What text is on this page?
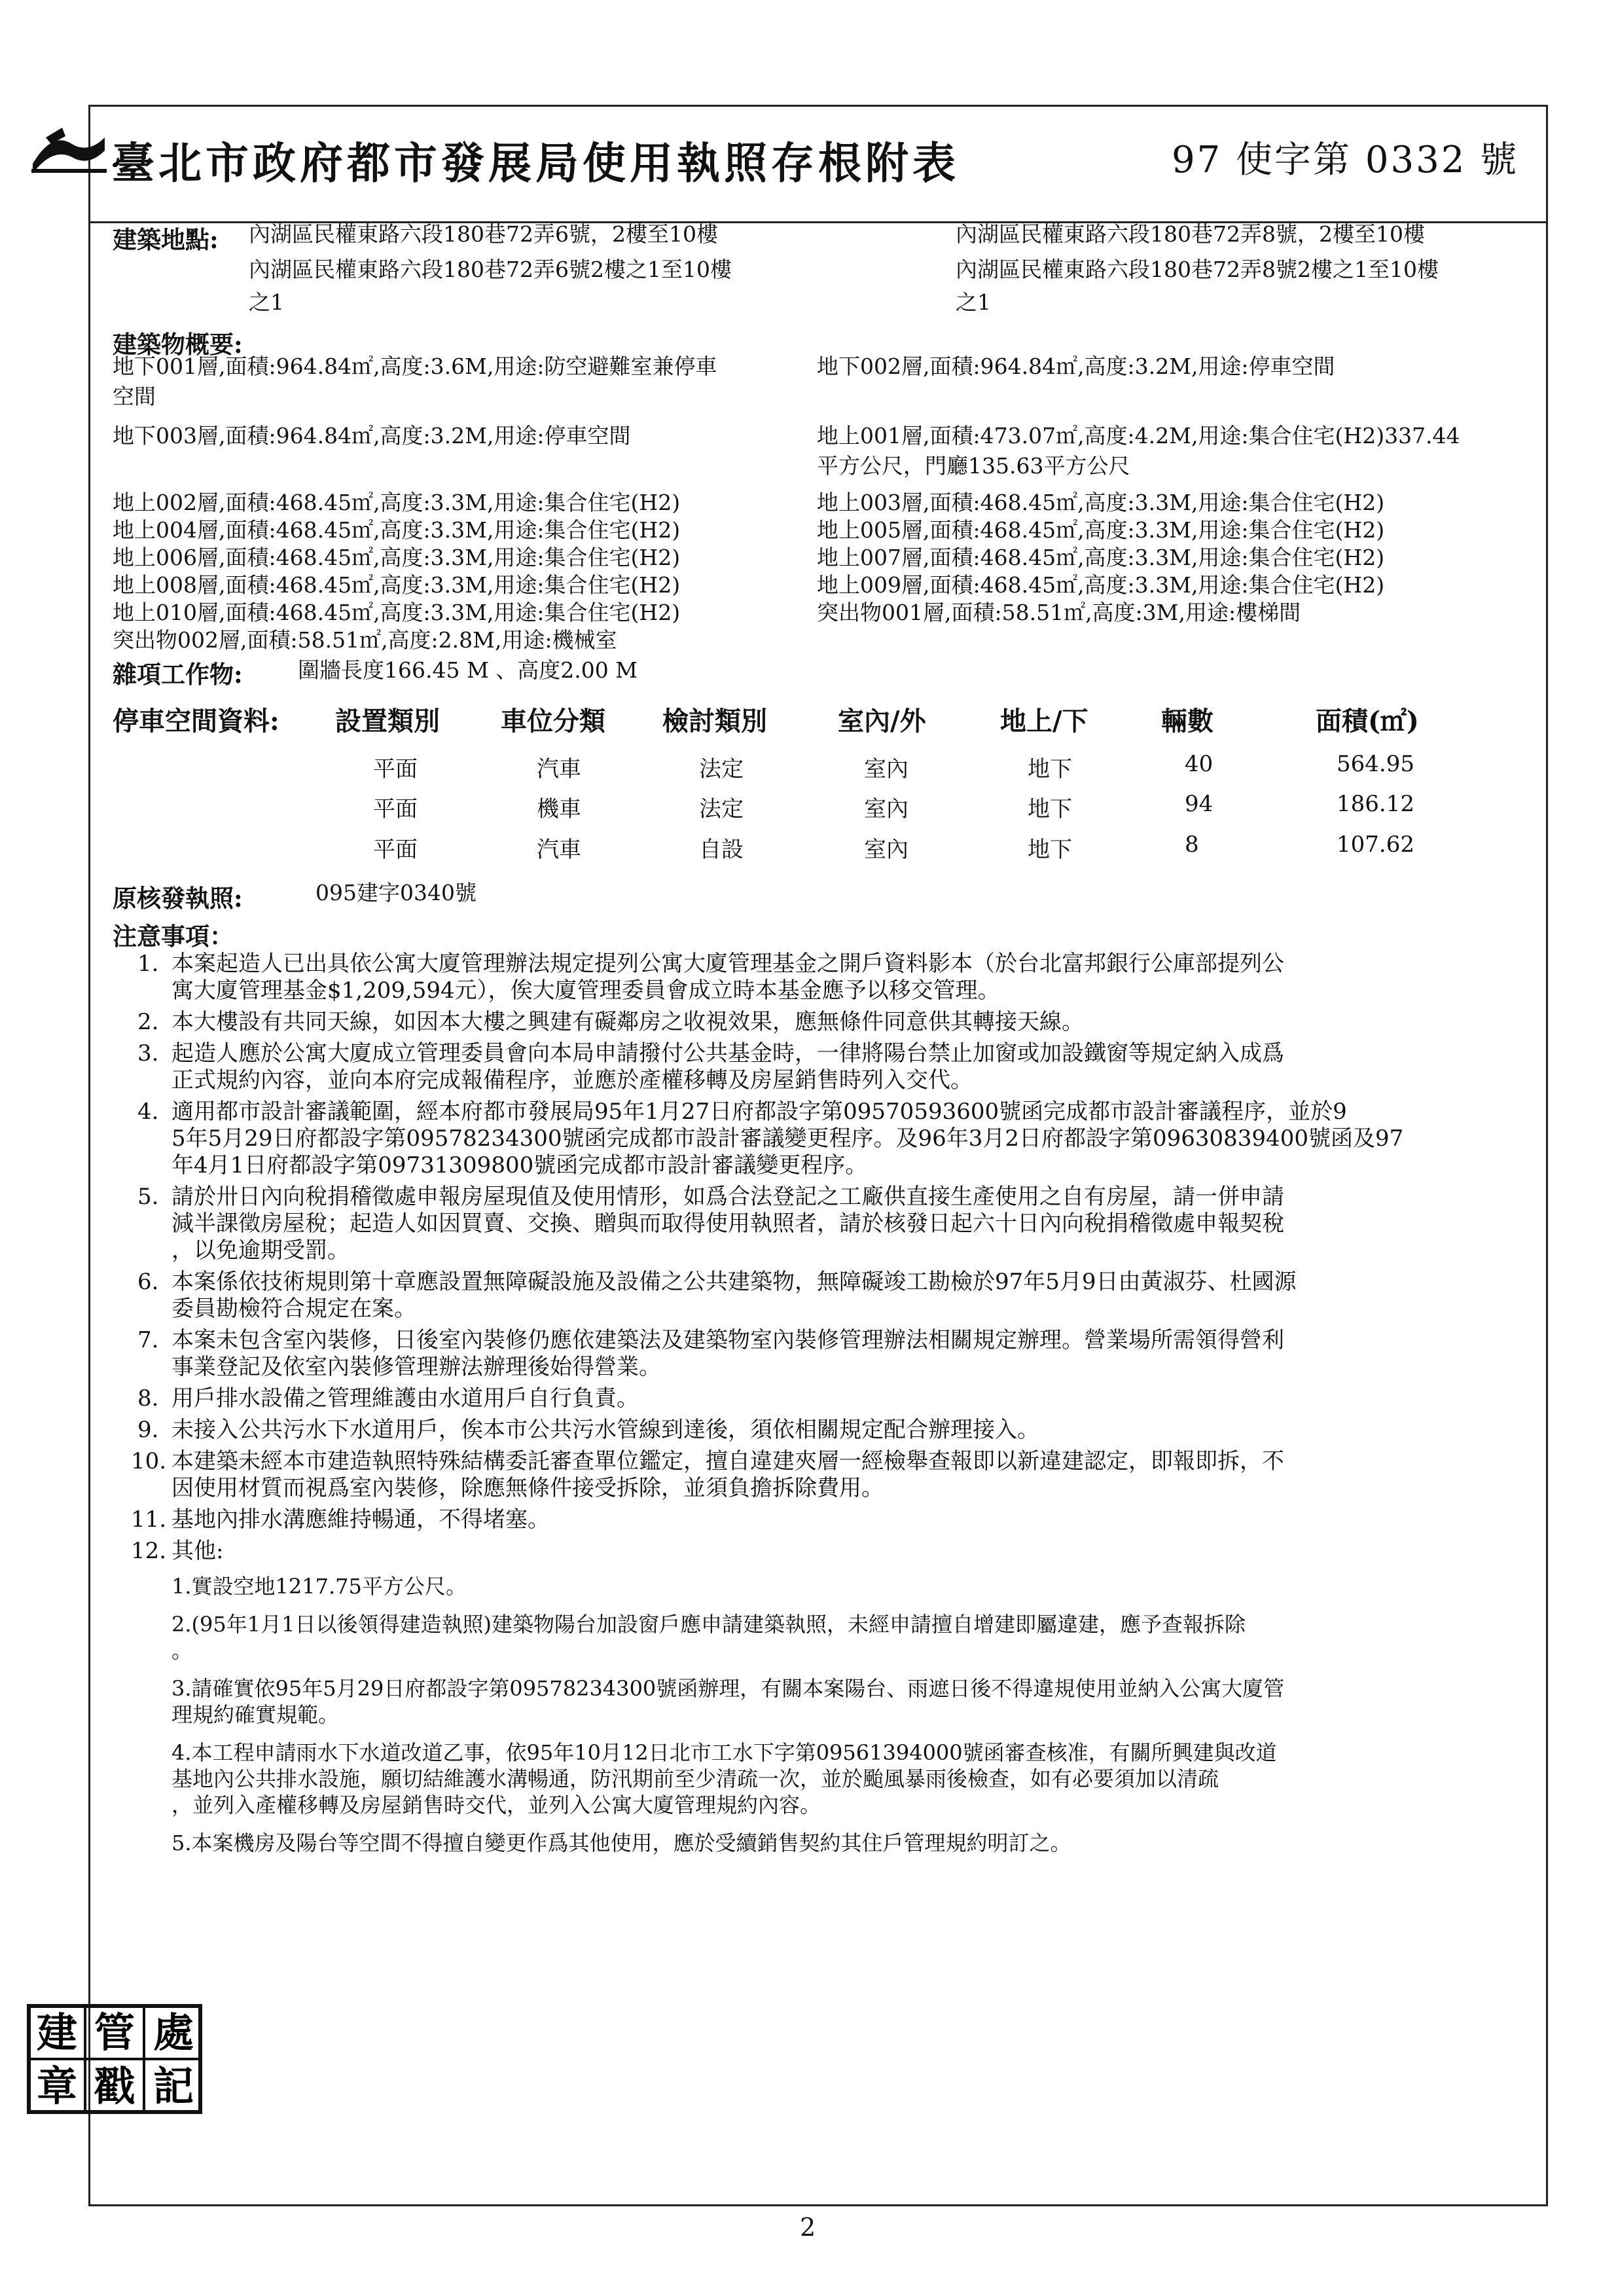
臺北市政府都市發展局使用執照存根附表	97 使字第 0332 號
建築地點: 內湖區民權東路六段180巷72弄6號，2樓至10樓
內湖區民權東路六段180巷72弄6號2樓之1至10樓
之1
內湖區民權東路六段180巷72弄8號，2樓至10樓
內湖區民權東路六段180巷72弄8號2樓之1至10樓
之1
建築物概要:
地下001層,面積:964.84㎡,高度:3.6M,用途:防空避難室兼停車	地下002層,面積:964.84㎡,高度:3.2M,用途:停車空間
空間
地下003層,面積:964.84㎡,高度:3.2M,用途:停車空間	地上001層,面積:473.07㎡,高度:4.2M,用途:集合住宅(H2)337.44
平方公尺，門廳135.63平方公尺
地上002層,面積:468.45㎡,高度:3.3M,用途:集合住宅(H2)	地上003層,面積:468.45㎡,高度:3.3M,用途:集合住宅(H2)
地上004層,面積:468.45㎡,高度:3.3M,用途:集合住宅(H2)	地上005層,面積:468.45㎡,高度:3.3M,用途:集合住宅(H2)
地上006層,面積:468.45㎡,高度:3.3M,用途:集合住宅(H2)	地上007層,面積:468.45㎡,高度:3.3M,用途:集合住宅(H2)
地上008層,面積:468.45㎡,高度:3.3M,用途:集合住宅(H2)	地上009層,面積:468.45㎡,高度:3.3M,用途:集合住宅(H2)
地上010層,面積:468.45㎡,高度:3.3M,用途:集合住宅(H2)	突出物001層,面積:58.51㎡,高度:3M,用途:樓梯間
突出物002層,面積:58.51㎡,高度:2.8M,用途:機械室
雜項工作物:	圍牆長度166.45 M 、高度2.00 M
停車空間資料: 設置類別 車位分類 檢討類別	室內/外	地上/下	輛數	面積(㎡)
平面	汽車	法定	室內	地下	40	564.95
平面	機車	法定	室內	地下	94	186.12
平面	汽車	自設	室內	地下	8	107.62
原核發執照:	095建字0340號
注意事項：
1. 本案起造人已出具依公寓大廈管理辦法規定提列公寓大廈管理基金之開戶資料影本（於台北富邦銀行公庫部提列公
寓大廈管理基金$1,209,594元），俟大廈管理委員會成立時本基金應予以移交管理。
2. 本大樓設有共同天線，如因本大樓之興建有礙鄰房之收視效果，應無條件同意供其轉接天線。
3. 起造人應於公寓大廈成立管理委員會向本局申請撥付公共基金時，一律將陽台禁止加窗或加設鐵窗等規定納入成爲
正式規約內容，並向本府完成報備程序，並應於產權移轉及房屋銷售時列入交代。
4. 適用都市設計審議範圍，經本府都市發展局95年1月27日府都設字第09570593600號函完成都市設計審議程序，並於9
5年5月29日府都設字第09578234300號函完成都市設計審議變更程序。及96年3月2日府都設字第09630839400號函及97
年4月1日府都設字第09731309800號函完成都市設計審議變更程序。
5. 請於卅日內向稅捐稽徵處申報房屋現值及使用情形，如爲合法登記之工廠供直接生產使用之自有房屋，請一併申請
減半課徵房屋稅；起造人如因買賣、交換、贈與而取得使用執照者，請於核發日起六十日內向稅捐稽徵處申報契稅
，以免逾期受罰。
6. 本案係依技術規則第十章應設置無障礙設施及設備之公共建築物，無障礙竣工勘檢於97年5月9日由黃淑芬、杜國源
委員勘檢符合規定在案。
7. 本案未包含室內裝修，日後室內裝修仍應依建築法及建築物室內裝修管理辦法相關規定辦理。營業場所需領得營利
事業登記及依室內裝修管理辦法辦理後始得營業。
8. 用戶排水設備之管理維護由水道用戶自行負責。
9. 未接入公共污水下水道用戶，俟本市公共污水管線到達後，須依相關規定配合辦理接入。
10. 本建築未經本市建造執照特殊結構委託審查單位鑑定，擅自違建夾層一經檢舉查報即以新違建認定，即報即拆，不
因使用材質而視爲室內裝修，除應無條件接受拆除，並須負擔拆除費用。
11. 基地內排水溝應維持暢通，不得堵塞。
12. 其他:
1.實設空地1217.75平方公尺。
2.(95年1月1日以後領得建造執照)建築物陽台加設窗戶應申請建築執照，未經申請擅自增建即屬違建，應予查報拆除
。
3.請確實依95年5月29日府都設字第09578234300號函辦理，有關本案陽台、雨遮日後不得違規使用並納入公寓大廈管
理規約確實規範。
4.本工程申請雨水下水道改道乙事，依95年10月12日北市工水下字第09561394000號函審查核准，有關所興建與改道
基地內公共排水設施，願切結維護水溝暢通，防汛期前至少清疏一次，並於颱風暴雨後檢查，如有必要須加以清疏
，並列入產權移轉及房屋銷售時交代，並列入公寓大廈管理規約內容。
5.本案機房及陽台等空間不得擅自變更作爲其他使用，應於受續銷售契約其住戶管理規約明訂之。
建 管 處
章 戳 記
2
